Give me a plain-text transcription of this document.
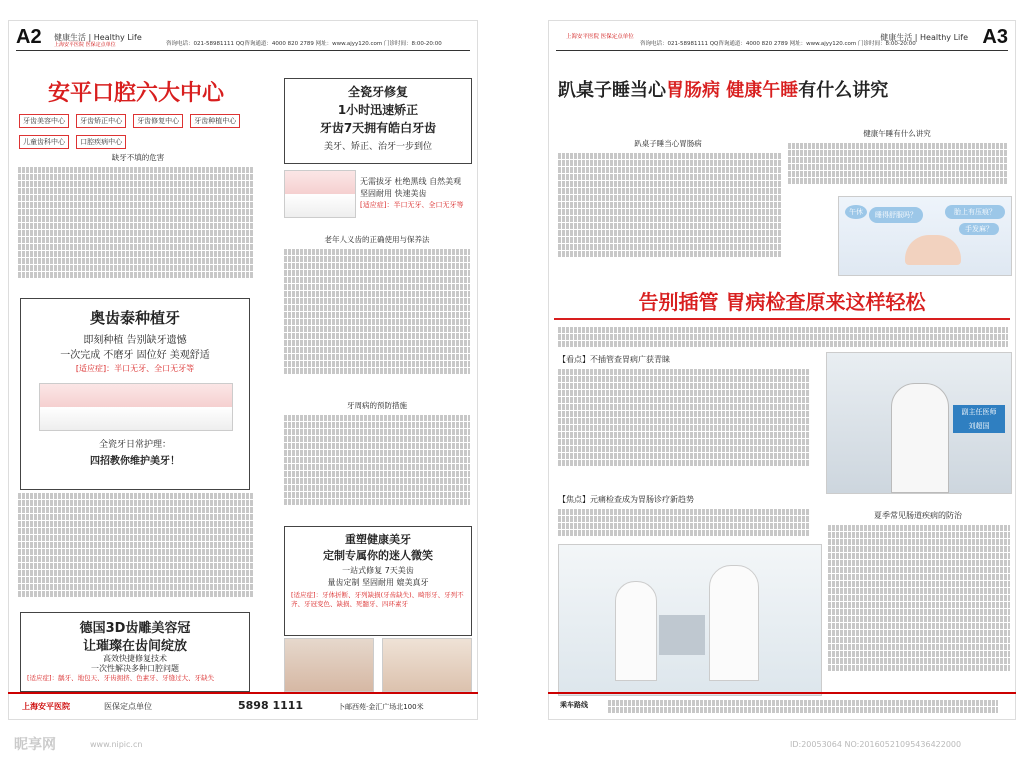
A2 健康生活 | Healthy Life
上海安平医院 医保定点单位	咨询电话：021-58981111 QQ咨询通道：4000 820 2789 网址：www.ajyy120.com 门诊时间：8:00-20:00
安平口腔六大中心
牙齿美容中心 牙齿矫正中心 牙齿修复中心 牙齿种植中心 儿童齿科中心 口腔疾病中心
缺牙不填的危害
奥齿泰种植牙
即刻种植 告别缺牙遗憾
一次完成 不磨牙 固位好 美观舒适
[适应症]：半口无牙、全口无牙等
全瓷牙日常护理：
四招教你维护美牙！
德国3D齿雕美容冠
让璀璨在齿间绽放
高效快捷修复技术
一次性解决多种口腔问题
[适应症]：龋牙、地包天、牙齿拥挤、色素牙、牙缝过大、牙缺失
全瓷牙修复
1小时迅速矫正
牙齿7天拥有皓白牙齿
美牙、矫正、治牙一步到位
无需拔牙 杜绝黑线 自然美观
坚固耐用 快速美齿
[适应症]：半口无牙、全口无牙等
老年人义齿的正确使用与保养法
牙周病的预防措施
重塑健康美牙
定制专属你的迷人微笑
一站式修复 7天美齿
量齿定制 坚固耐用 媲美真牙
[适应症]：牙体折断、牙列缺损(牙齿缺失)、畸形牙、牙列不齐、牙冠变色、缺损、死髓牙、四环素牙
上海安平医院	医保定点单位	5898 1111	卜邮西苑·金汇广场北100米
上海安平医院 医保定点单位
咨询电话：021-58981111 QQ咨询通道：4000 820 2789 网址：www.ajyy120.com 门诊时间：8:00-20:00
健康生活 | Healthy Life A3
趴桌子睡当心胃肠病 健康午睡有什么讲究
趴桌子睡当心胃肠病
健康午睡有什么讲究
午休	睡得舒服吗？	胎上有压痕？
手发麻？
告别插管 胃病检查原来这样轻松
【看点】不插管查胃病广获青睐
副主任医师
刘超国
【焦点】元痛检查成为胃肠诊疗新趋势
夏季常见肠道疾病的防治
乘车路线
昵享网	www.nipic.cn	ID:20053064 NO:20160521095436422000
